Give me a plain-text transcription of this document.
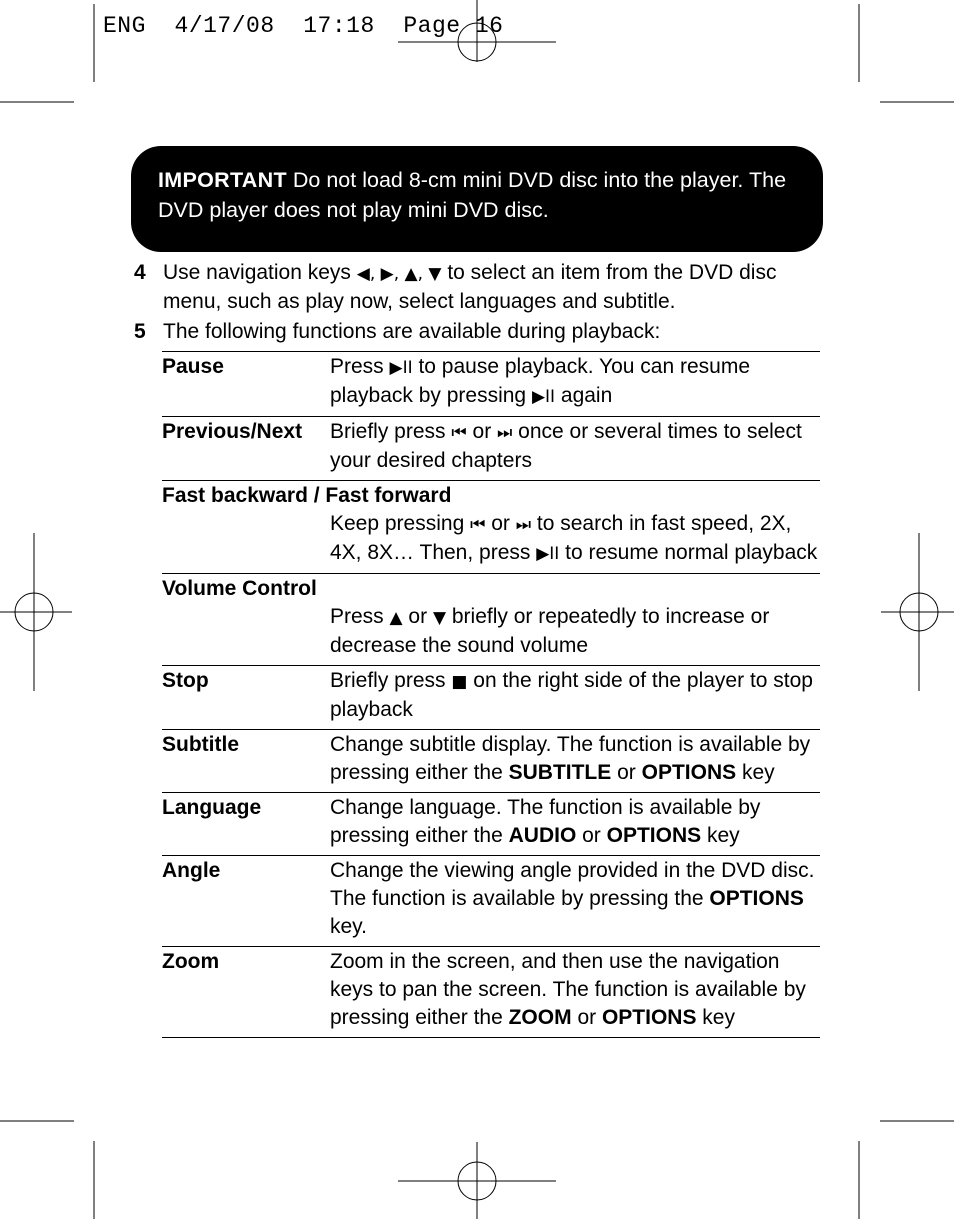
ENG  4/17/08  17:18  Page 16
IMPORTANT Do not load 8-cm mini DVD disc into the player. The DVD player does not play mini DVD disc.
4 Use navigation keys ◀, ▶, ▲, ▼ to select an item from the DVD disc menu, such as play now, select languages and subtitle.
5 The following functions are available during playback:
Pause	Press ▶II to pause playback. You can resume playback by pressing ▶II again
Previous/Next	Briefly press ⏮ or ⏭ once or several times to select your desired chapters

Fast backward / Fast forward
Keep pressing ⏮ or ⏭ to search in fast speed, 2X, 4X, 8X… Then, press ▶II to resume normal playback	

Volume Control
Press ▲ or ▼ briefly or repeatedly to increase or decrease the sound volume	

Stop	Briefly press ■ on the right side of the player to stop playback
Subtitle	Change subtitle display. The function is available by pressing either the SUBTITLE or OPTIONS key
Language	Change language. The function is available by pressing either the AUDIO or OPTIONS key
Angle	Change the viewing angle provided in the DVD disc. The function is available by pressing the OPTIONS key.
Zoom	Zoom in the screen, and then use the navigation keys to pan the screen. The function is available by pressing either the ZOOM or OPTIONS key
